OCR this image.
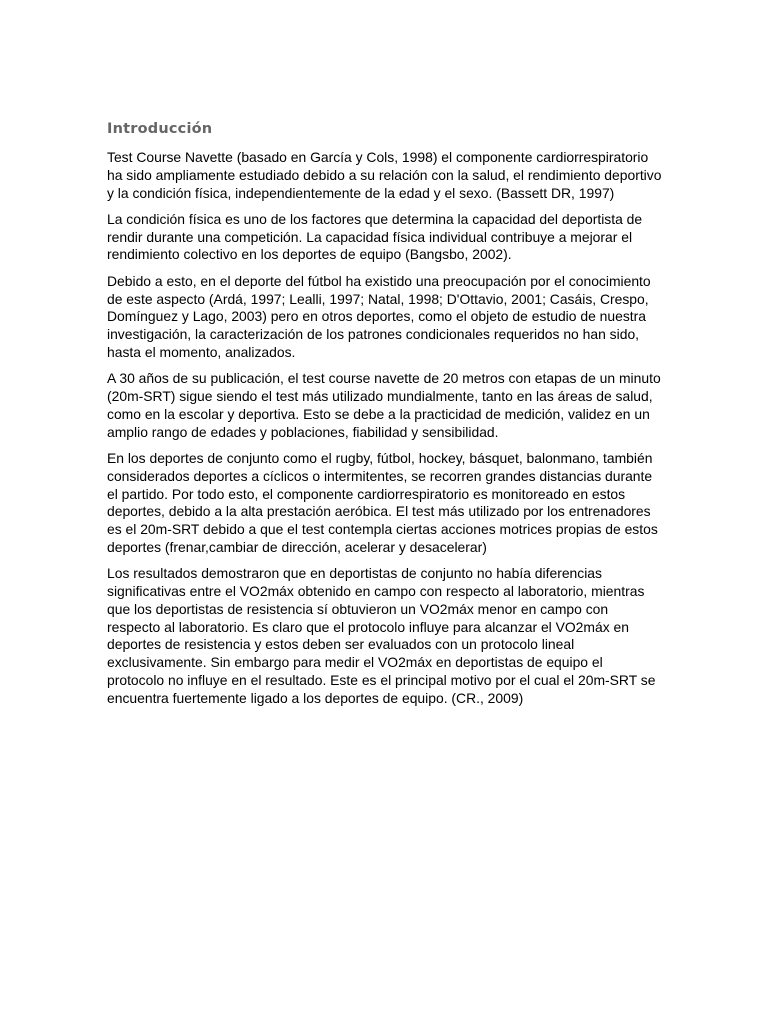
Introducción

Test Course Navette (basado en García y Cols, 1998) el componente cardiorrespiratorio ha sido ampliamente estudiado debido a su relación con la salud, el rendimiento deportivo y la condición física, independientemente de la edad y el sexo. (Bassett DR, 1997)

La condición física es uno de los factores que determina la capacidad del deportista de rendir durante una competición. La capacidad física individual contribuye a mejorar el rendimiento colectivo en los deportes de equipo (Bangsbo, 2002).

Debido a esto, en el deporte del fútbol ha existido una preocupación por el conocimiento de este aspecto (Ardá, 1997; Lealli, 1997; Natal, 1998; D'Ottavio, 2001; Casáis, Crespo, Domínguez y Lago, 2003) pero en otros deportes, como el objeto de estudio de nuestra investigación, la caracterización de los patrones condicionales requeridos no han sido, hasta el momento, analizados.

A 30 años de su publicación, el test course navette de 20 metros con etapas de un minuto (20m-SRT) sigue siendo el test más utilizado mundialmente, tanto en las áreas de salud, como en la escolar y deportiva. Esto se debe a la practicidad de medición, validez en un amplio rango de edades y poblaciones, fiabilidad y sensibilidad.

En los deportes de conjunto como el rugby, fútbol, hockey, básquet, balonmano, también considerados deportes a cíclicos o intermitentes, se recorren grandes distancias durante el partido. Por todo esto, el componente cardiorrespiratorio es monitoreado en estos deportes, debido a la alta prestación aeróbica. El test más utilizado por los entrenadores es el 20m-SRT debido a que el test contempla ciertas acciones motrices propias de estos deportes (frenar,cambiar de dirección, acelerar y desacelerar)

Los resultados demostraron que en deportistas de conjunto no había diferencias significativas entre el VO2máx obtenido en campo con respecto al laboratorio, mientras que los deportistas de resistencia sí obtuvieron un VO2máx menor en campo con respecto al laboratorio. Es claro que el protocolo influye para alcanzar el VO2máx en deportes de resistencia y estos deben ser evaluados con un protocolo lineal exclusivamente. Sin embargo para medir el VO2máx en deportistas de equipo el protocolo no influye en el resultado. Este es el principal motivo por el cual el 20m-SRT se encuentra fuertemente ligado a los deportes de equipo. (CR., 2009)
